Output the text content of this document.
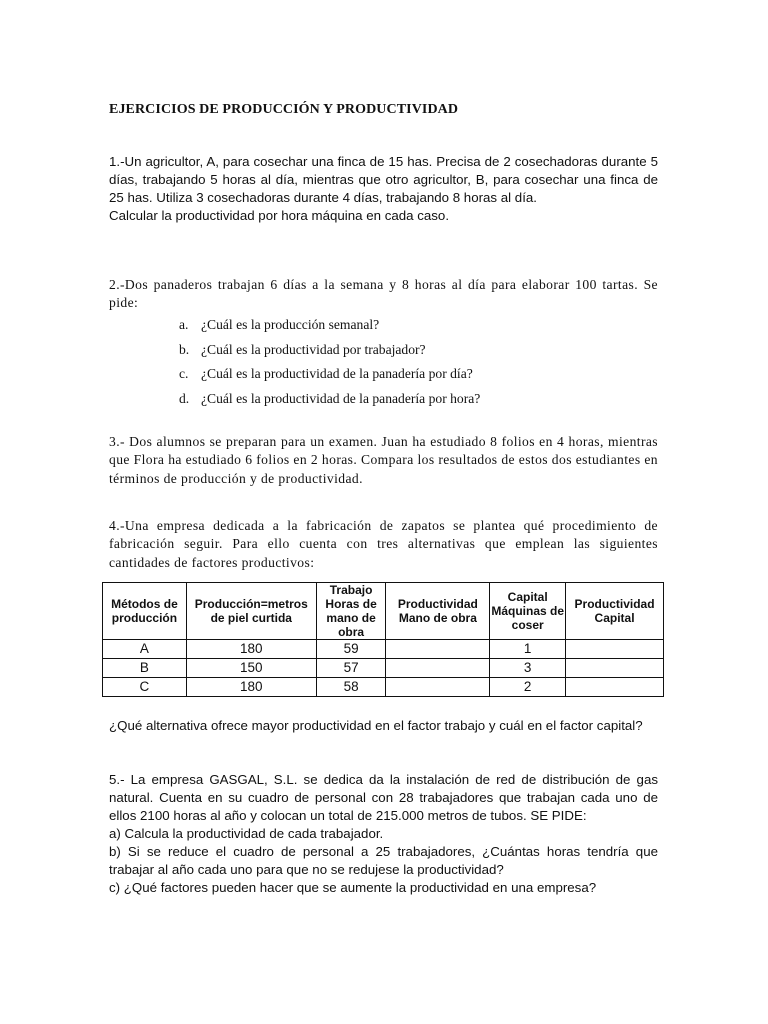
EJERCICIOS DE PRODUCCIÓN Y PRODUCTIVIDAD

1.-Un agricultor, A, para cosechar una finca de 15 has. Precisa de 2 cosechadoras durante 5 días, trabajando 5 horas al día, mientras que otro agricultor, B, para cosechar una finca de 25 has. Utiliza 3 cosechadoras durante 4 días, trabajando 8 horas al día.

Calcular la productividad por hora máquina en cada caso.

2.-Dos panaderos trabajan 6 días a la semana y 8 horas al día para elaborar 100 tartas. Se pide:

a. ¿Cuál es la producción semanal?
b. ¿Cuál es la productividad por trabajador?
c. ¿Cuál es la productividad de la panadería por día?
d. ¿Cuál es la productividad de la panadería por hora?

3.- Dos alumnos se preparan para un examen. Juan ha estudiado 8 folios en 4 horas, mientras que Flora ha estudiado 6 folios en 2 horas. Compara los resultados de estos dos estudiantes en términos de producción y de productividad.

4.-Una empresa dedicada a la fabricación de zapatos se plantea qué procedimiento de fabricación seguir. Para ello cuenta con tres alternativas que emplean las siguientes cantidades de factores productivos:

Métodos de producción	Producción=metros de piel curtida	Trabajo Horas de mano de obra	Productividad Mano de obra	Capital Máquinas de coser	Productividad Capital
A	180	59		1	
B	150	57		3	
C	180	58		2	

¿Qué alternativa ofrece mayor productividad en el factor trabajo y cuál en el factor capital?

5.- La empresa GASGAL, S.L. se dedica da la instalación de red de distribución de gas natural. Cuenta en su cuadro de personal con 28 trabajadores que trabajan cada uno de ellos 2100 horas al año y colocan un total de 215.000 metros de tubos. SE PIDE:

a) Calcula la productividad de cada trabajador.

b) Si se reduce el cuadro de personal a 25 trabajadores, ¿Cuántas horas tendría que trabajar al año cada uno para que no se redujese la productividad?

c) ¿Qué factores pueden hacer que se aumente la productividad en una empresa?
